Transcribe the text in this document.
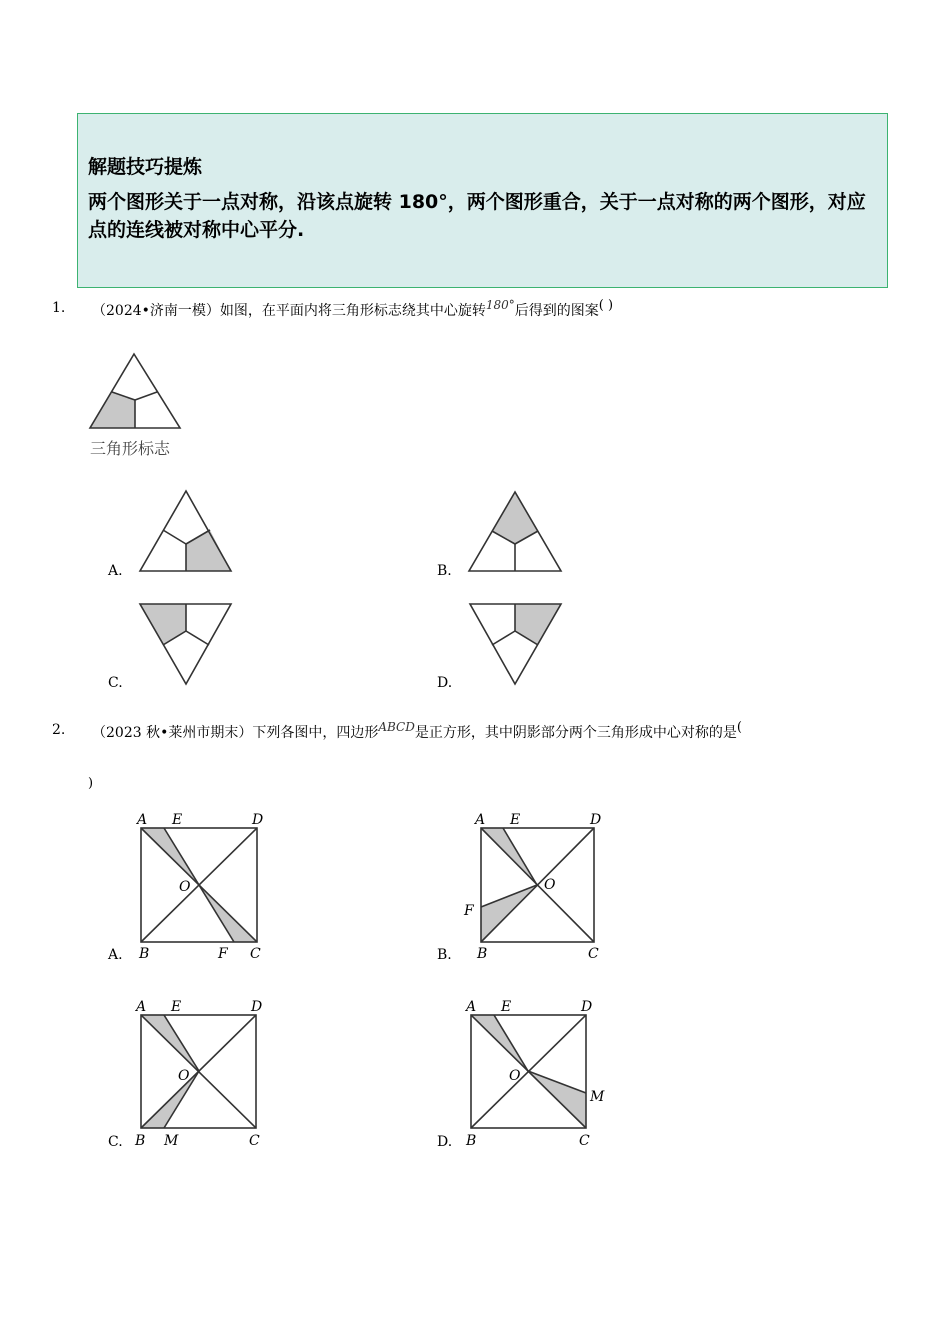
解题技巧提炼
两个图形关于一点对称，沿该点旋转 180°，两个图形重合，关于一点对称的两个图形，对应点的连线被对称中心平分.
1. （2024•济南一模）如图，在平面内将三角形标志绕其中心旋转180°后得到的图案( )
三角形标志
A.	B.
C.	D.
2. （2023 秋•莱州市期末）下列各图中，四边形ABCD是正方形，其中阴影部分两个三角形成中心对称的是(
)
A.	B.
C.	D.
A E	D
O
B	F C
A E	D
O
F
B	C
A E	D
O
B M	C
A E	D
O
M
B	C
